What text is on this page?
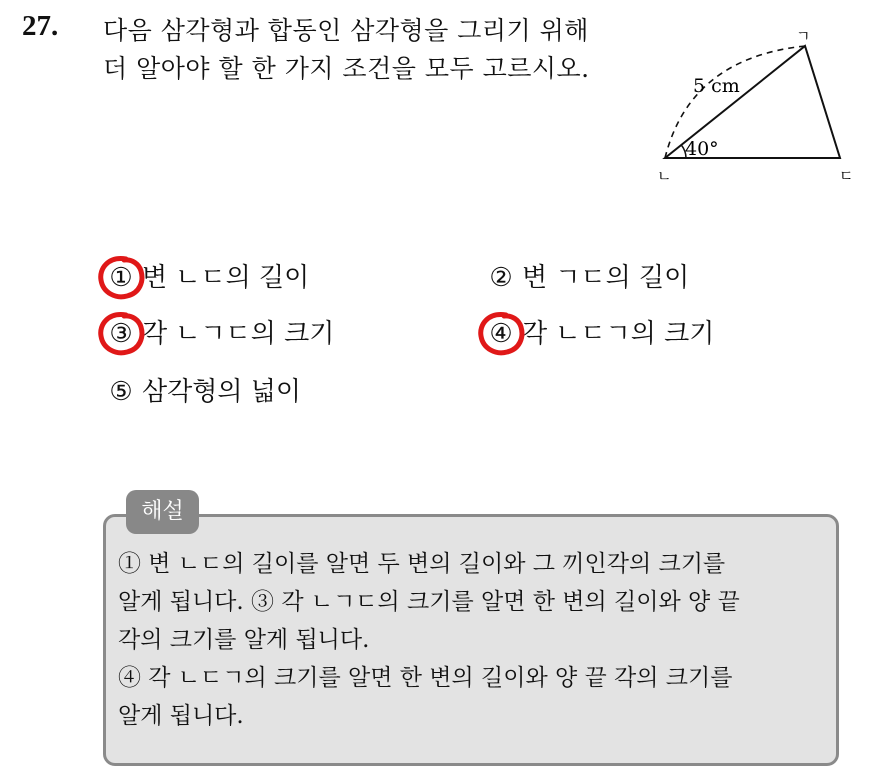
27. 다음 삼각형과 합동인 삼각형을 그리기 위해
더 알아야 할 한 가지 조건을 모두 고르시오.
ㄱ
ㄴ	ㄷ
5 cm
40°
① 변 ㄴㄷ의 길이	② 변 ㄱㄷ의 길이
③ 각 ㄴㄱㄷ의 크기	④ 각 ㄴㄷㄱ의 크기
⑤ 삼각형의 넓이
해설
① 변 ㄴㄷ의 길이를 알면 두 변의 길이와 그 끼인각의 크기를
알게 됩니다. ③ 각 ㄴㄱㄷ의 크기를 알면 한 변의 길이와 양 끝
각의 크기를 알게 됩니다.
④ 각 ㄴㄷㄱ의 크기를 알면 한 변의 길이와 양 끝 각의 크기를
알게 됩니다.
